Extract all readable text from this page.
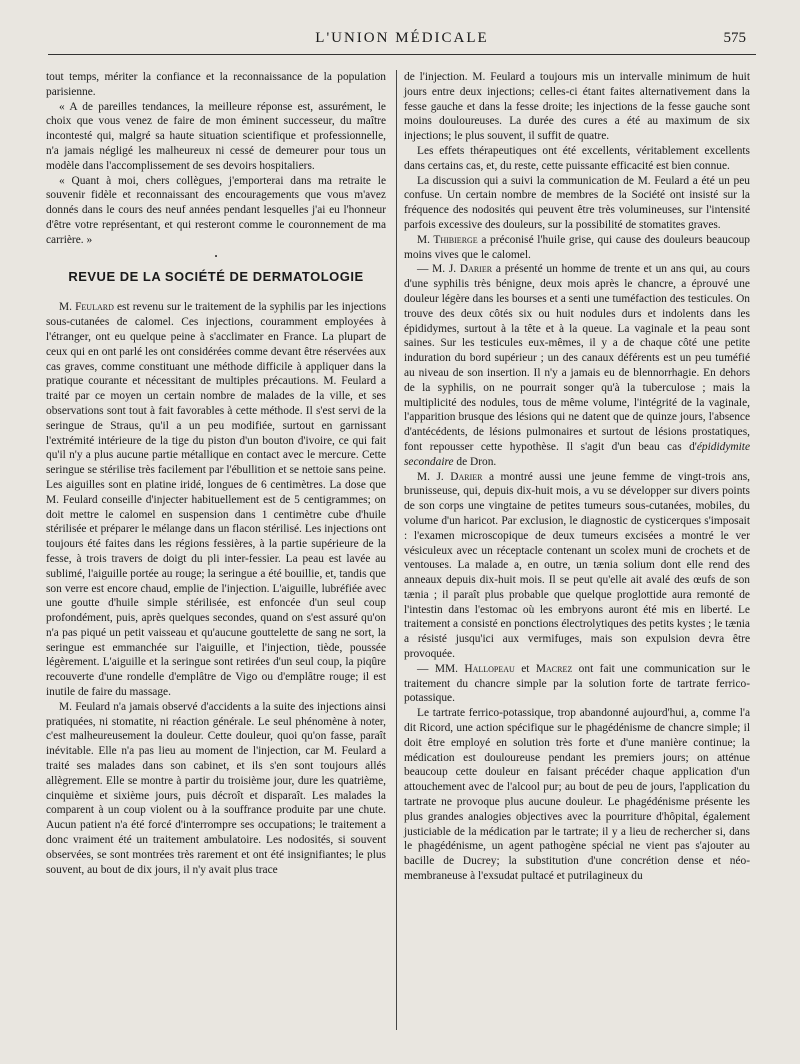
L'UNION MÉDICALE	575

tout temps, mériter la confiance et la reconnaissance de la population parisienne.

« A de pareilles tendances, la meilleure réponse est, assurément, le choix que vous venez de faire de mon éminent successeur, du maître incontesté qui, malgré sa haute situation scientifique et professionnelle, n'a jamais négligé les malheureux ni cessé de demeurer pour tous un modèle dans l'accomplissement de ses devoirs hospitaliers.

« Quant à moi, chers collègues, j'emporterai dans ma retraite le souvenir fidèle et reconnaissant des encouragements que vous m'avez donnés dans le cours des neuf années pendant lesquelles j'ai eu l'honneur d'être votre représentant, et qui resteront comme le couronnement de ma carrière. »

•
REVUE DE LA SOCIÉTÉ DE DERMATOLOGIE

M. Feulard est revenu sur le traitement de la syphilis par les injections sous-cutanées de calomel. Ces injections, couramment employées à l'étranger, ont eu quelque peine à s'acclimater en France. La plupart de ceux qui en ont parlé les ont considérées comme devant être réservées aux cas graves, comme constituant une méthode difficile à appliquer dans la pratique courante et nécessitant de multiples précautions. M. Feulard a traité par ce moyen un certain nombre de malades de la ville, et ses observations sont tout à fait favorables à cette méthode. Il s'est servi de la seringue de Straus, qu'il a un peu modifiée, surtout en garnissant l'extrémité intérieure de la tige du piston d'un bouton d'ivoire, ce qui fait qu'il n'y a plus aucune partie métallique en contact avec le mercure. Cette seringue se stérilise très facilement par l'ébullition et se nettoie sans peine. Les aiguilles sont en platine iridé, longues de 6 centimètres. La dose que M. Feulard conseille d'injecter habituellement est de 5 centigrammes; on doit mettre le calomel en suspension dans 1 centimètre cube d'huile stérilisée et préparer le mélange dans un flacon stérilisé. Les injections ont toujours été faites dans les régions fessières, à la partie supérieure de la fesse, à trois travers de doigt du pli inter-fessier. La peau est lavée au sublimé, l'aiguille portée au rouge; la seringue a été bouillie, et, tandis que son verre est encore chaud, emplie de l'injection. L'aiguille, lubréfiée avec une goutte d'huile simple stérilisée, est enfoncée d'un seul coup profondément, puis, après quelques secondes, quand on s'est assuré qu'on n'a pas piqué un petit vaisseau et qu'aucune gouttelette de sang ne sort, la seringue est emmanchée sur l'aiguille, et l'injection, tiède, poussée légèrement. L'aiguille et la seringue sont retirées d'un seul coup, la piqûre recouverte d'une rondelle d'emplâtre de Vigo ou d'emplâtre rouge; il est inutile de faire du massage.

M. Feulard n'a jamais observé d'accidents a la suite des injections ainsi pratiquées, ni stomatite, ni réaction générale. Le seul phénomène à noter, c'est malheureusement la douleur. Cette douleur, quoi qu'on fasse, paraît inévitable. Elle n'a pas lieu au moment de l'injection, car M. Feulard a traité ses malades dans son cabinet, et ils s'en sont toujours allés allègrement. Elle se montre à partir du troisième jour, dure les quatrième, cinquième et sixième jours, puis décroît et disparaît. Les malades la comparent à un coup violent ou à la souffrance produite par une chute. Aucun patient n'a été forcé d'interrompre ses occupations; le traitement a donc vraiment été un traitement ambulatoire. Les nodosités, si souvent observées, se sont montrées très rarement et ont été insignifiantes; le plus souvent, au bout de dix jours, il n'y avait plus trace

de l'injection. M. Feulard a toujours mis un intervalle minimum de huit jours entre deux injections; celles-ci étant faites alternativement dans la fesse gauche et dans la fesse droite; les injections de la fesse gauche sont moins douloureuses. La durée des cures a été au maximum de six injections; le plus souvent, il suffit de quatre.

Les effets thérapeutiques ont été excellents, véritablement excellents dans certains cas, et, du reste, cette puissante efficacité est bien connue.

La discussion qui a suivi la communication de M. Feulard a été un peu confuse. Un certain nombre de membres de la Société ont insisté sur la fréquence des nodosités qui peuvent être très volumineuses, sur l'intensité parfois excessive des douleurs, sur la possibilité de stomatites graves.

M. Thibierge a préconisé l'huile grise, qui cause des douleurs beaucoup moins vives que le calomel.

— M. J. Darier a présenté un homme de trente et un ans qui, au cours d'une syphilis très bénigne, deux mois après le chancre, a éprouvé une douleur légère dans les bourses et a senti une tuméfaction des testicules. On trouve des deux côtés six ou huit nodules durs et indolents dans les épididymes, surtout à la tête et à la queue. La vaginale et la peau sont saines. Sur les testicules eux-mêmes, il y a de chaque côté une petite induration du bord supérieur ; un des canaux déférents est un peu tuméfié au niveau de son insertion. Il n'y a jamais eu de blennorrhagie. En dehors de la syphilis, on ne pourrait songer qu'à la tuberculose ; mais la multiplicité des nodules, tous de même volume, l'intégrité de la vaginale, l'apparition brusque des lésions qui ne datent que de quinze jours, l'absence d'antécédents, de lésions pulmonaires et surtout de lésions prostatiques, font repousser cette hypothèse. Il s'agit d'un beau cas d'épididymite secondaire de Dron.

M. J. Darier a montré aussi une jeune femme de vingt-trois ans, brunisseuse, qui, depuis dix-huit mois, a vu se développer sur divers points de son corps une vingtaine de petites tumeurs sous-cutanées, mobiles, du volume d'un haricot. Par exclusion, le diagnostic de cysticerques s'imposait : l'examen microscopique de deux tumeurs excisées a montré le ver vésiculeux avec un réceptacle contenant un scolex muni de crochets et de ventouses. La malade a, en outre, un tænia solium dont elle rend des anneaux depuis dix-huit mois. Il se peut qu'elle ait avalé des œufs de son tænia ; il paraît plus probable que quelque proglottide aura remonté de l'intestin dans l'estomac où les embryons auront été mis en liberté. Le traitement a consisté en ponctions électrolytiques des petits kystes ; le tænia a résisté jusqu'ici aux vermifuges, mais son expulsion devra être provoquée.

— MM. Hallopeau et Macrez ont fait une communication sur le traitement du chancre simple par la solution forte de tartrate ferrico-potassique.

Le tartrate ferrico-potassique, trop abandonné aujourd'hui, a, comme l'a dit Ricord, une action spécifique sur le phagédénisme de chancre simple; il doit être employé en solution très forte et d'une manière continue; la médication est douloureuse pendant les premiers jours; on atténue beaucoup cette douleur en faisant précéder chaque application d'un attouchement avec de l'alcool pur; au bout de peu de jours, l'application du tartrate ne provoque plus aucune douleur. Le phagédénisme présente les plus grandes analogies objectives avec la pourriture d'hôpital, également justiciable de la médication par le tartrate; il y a lieu de rechercher si, dans le phagédénisme, un agent pathogène spécial ne vient pas s'ajouter au bacille de Ducrey; la substitution d'une concrétion dense et néo-membraneuse à l'exsudat pultacé et putrilagineux du
